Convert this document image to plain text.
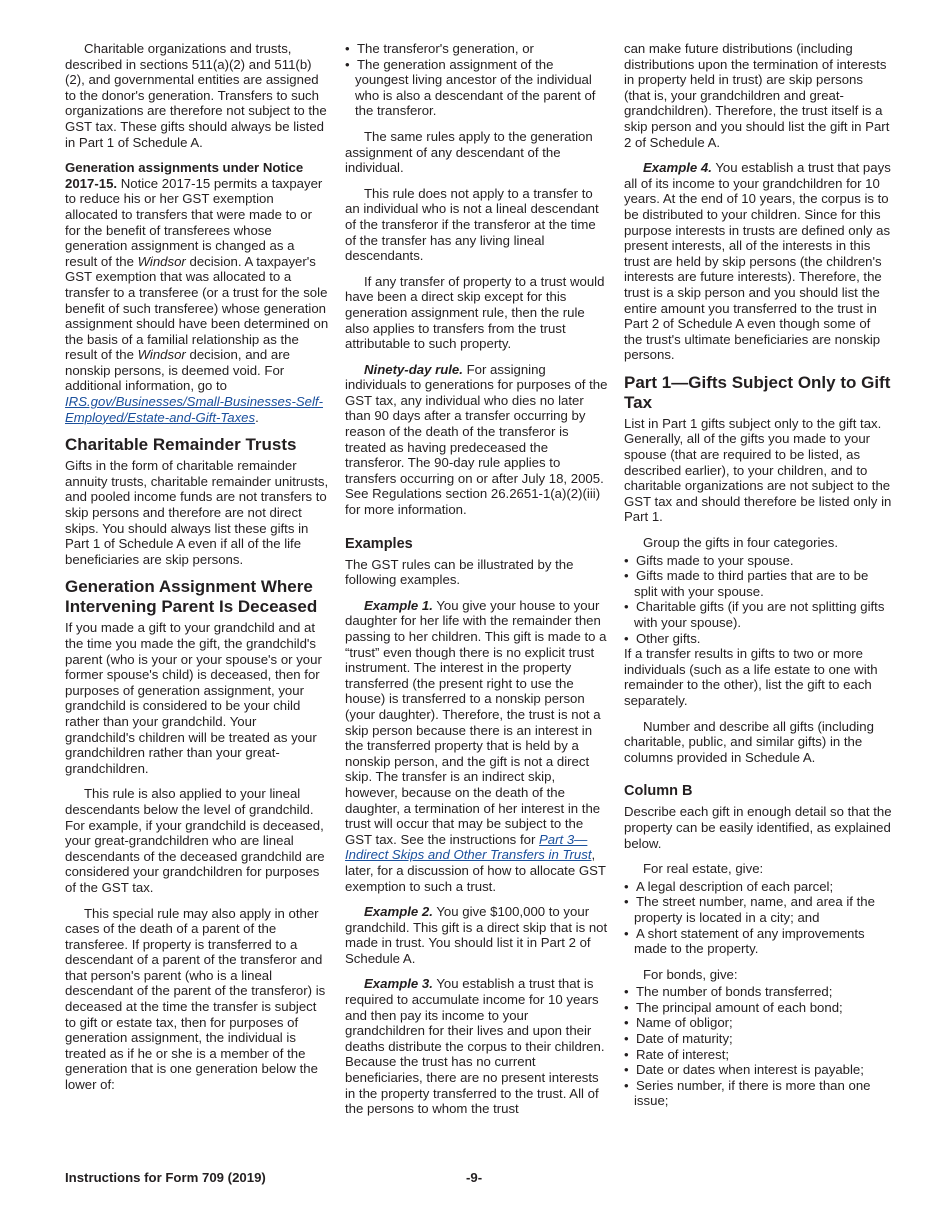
Charitable organizations and trusts, described in sections 511(a)(2) and 511(b)(2), and governmental entities are assigned to the donor's generation. Transfers to such organizations are therefore not subject to the GST tax. These gifts should always be listed in Part 1 of Schedule A.

Generation assignments under Notice 2017-15. Notice 2017-15 permits a taxpayer to reduce his or her GST exemption allocated to transfers that were made to or for the benefit of transferees whose generation assignment is changed as a result of the Windsor decision. A taxpayer's GST exemption that was allocated to a transfer to a transferee (or a trust for the sole benefit of such transferee) whose generation assignment should have been determined on the basis of a familial relationship as the result of the Windsor decision, and are nonskip persons, is deemed void. For additional information, go to IRS.gov/Businesses/Small-Businesses-Self-Employed/Estate-and-Gift-Taxes.

Charitable Remainder Trusts

Gifts in the form of charitable remainder annuity trusts, charitable remainder unitrusts, and pooled income funds are not transfers to skip persons and therefore are not direct skips. You should always list these gifts in Part 1 of Schedule A even if all of the life beneficiaries are skip persons.

Generation Assignment Where Intervening Parent Is Deceased

If you made a gift to your grandchild and at the time you made the gift, the grandchild's parent (who is your or your spouse's or your former spouse's child) is deceased, then for purposes of generation assignment, your grandchild is considered to be your child rather than your grandchild. Your grandchild's children will be treated as your grandchildren rather than your great-grandchildren.

This rule is also applied to your lineal descendants below the level of grandchild. For example, if your grandchild is deceased, your great-grandchildren who are lineal descendants of the deceased grandchild are considered your grandchildren for purposes of the GST tax.

This special rule may also apply in other cases of the death of a parent of the transferee. If property is transferred to a descendant of a parent of the transferor and that person's parent (who is a lineal descendant of the parent of the transferor) is deceased at the time the transfer is subject to gift or estate tax, then for purposes of generation assignment, the individual is treated as if he or she is a member of the generation that is one generation below the lower of:

•  The transferor's generation, or

•  The generation assignment of the youngest living ancestor of the individual who is also a descendant of the parent of the transferor.

The same rules apply to the generation assignment of any descendant of the individual.

This rule does not apply to a transfer to an individual who is not a lineal descendant of the transferor if the transferor at the time of the transfer has any living lineal descendants.

If any transfer of property to a trust would have been a direct skip except for this generation assignment rule, then the rule also applies to transfers from the trust attributable to such property.

Ninety-day rule. For assigning individuals to generations for purposes of the GST tax, any individual who dies no later than 90 days after a transfer occurring by reason of the death of the transferor is treated as having predeceased the transferor. The 90-day rule applies to transfers occurring on or after July 18, 2005. See Regulations section 26.2651-1(a)(2)(iii) for more information.

Examples

The GST rules can be illustrated by the following examples.

Example 1. You give your house to your daughter for her life with the remainder then passing to her children. This gift is made to a “trust” even though there is no explicit trust instrument. The interest in the property transferred (the present right to use the house) is transferred to a nonskip person (your daughter). Therefore, the trust is not a skip person because there is an interest in the transferred property that is held by a nonskip person, and the gift is not a direct skip. The transfer is an indirect skip, however, because on the death of the daughter, a termination of her interest in the trust will occur that may be subject to the GST tax. See the instructions for Part 3—Indirect Skips and Other Transfers in Trust, later, for a discussion of how to allocate GST exemption to such a trust.

Example 2. You give $100,000 to your grandchild. This gift is a direct skip that is not made in trust. You should list it in Part 2 of Schedule A.

Example 3. You establish a trust that is required to accumulate income for 10 years and then pay its income to your grandchildren for their lives and upon their deaths distribute the corpus to their children. Because the trust has no current beneficiaries, there are no present interests in the property transferred to the trust. All of the persons to whom the trust

can make future distributions (including distributions upon the termination of interests in property held in trust) are skip persons (that is, your grandchildren and great-grandchildren). Therefore, the trust itself is a skip person and you should list the gift in Part 2 of Schedule A.

Example 4. You establish a trust that pays all of its income to your grandchildren for 10 years. At the end of 10 years, the corpus is to be distributed to your children. Since for this purpose interests in trusts are defined only as present interests, all of the interests in this trust are held by skip persons (the children's interests are future interests). Therefore, the trust is a skip person and you should list the entire amount you transferred to the trust in Part 2 of Schedule A even though some of the trust's ultimate beneficiaries are nonskip persons.

Part 1—Gifts Subject Only to Gift Tax

List in Part 1 gifts subject only to the gift tax. Generally, all of the gifts you made to your spouse (that are required to be listed, as described earlier), to your children, and to charitable organizations are not subject to the GST tax and should therefore be listed only in Part 1.

Group the gifts in four categories.

•  Gifts made to your spouse.

•  Gifts made to third parties that are to be split with your spouse.

•  Charitable gifts (if you are not splitting gifts with your spouse).

•  Other gifts.

If a transfer results in gifts to two or more individuals (such as a life estate to one with remainder to the other), list the gift to each separately.

Number and describe all gifts (including charitable, public, and similar gifts) in the columns provided in Schedule A.

Column B

Describe each gift in enough detail so that the property can be easily identified, as explained below.

For real estate, give:

•  A legal description of each parcel;

•  The street number, name, and area if the property is located in a city; and

•  A short statement of any improvements made to the property.

For bonds, give:

•  The number of bonds transferred;

•  The principal amount of each bond;

•  Name of obligor;

•  Date of maturity;

•  Rate of interest;

•  Date or dates when interest is payable;

•  Series number, if there is more than one issue;

Instructions for Form 709 (2019)	-9-
